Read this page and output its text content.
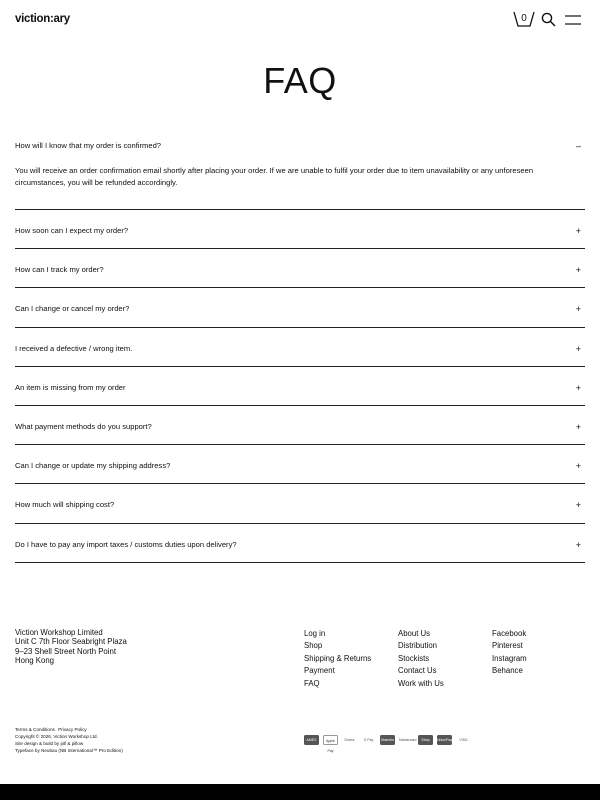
viction:ary	0
FAQ
How will I know that my order is confirmed?	–

You will receive an order confirmation email shortly after placing your order. If we are unable to fulfil your order due to item unavailability or any unforeseen circumstances, you will be refunded accordingly.

How soon can I expect my order?	+
How can I track my order?	+
Can I change or cancel my order?	+
I received a defective / wrong item.	+
An item is missing from my order	+
What payment methods do you support?	+
Can I change or update my shipping address?	+
How much will shipping cost?	+
Do I have to pay any import taxes / customs duties upon delivery?	+
Viction Workshop Limited
Unit C 7th Floor Seabright Plaza
9–23 Shell Street North Point
Hong Kong
Log in
Shop
Shipping & Returns
Payment
FAQ
About Us
Distribution
Stockists
Contact Us
Work with Us
Facebook
Pinterest
Instagram
Behance
Terms & Conditions Privacy Policy
Copyright © 2026, Viction Workshop Ltd.
Site design & build by pill & pillow
Typeface by Neubau (NB International™ Pro Edition)
AMEX	Apple Pay
Diners	G Pay	Maestro	Mastercard	Shop Pay
UnionPay	VISA
